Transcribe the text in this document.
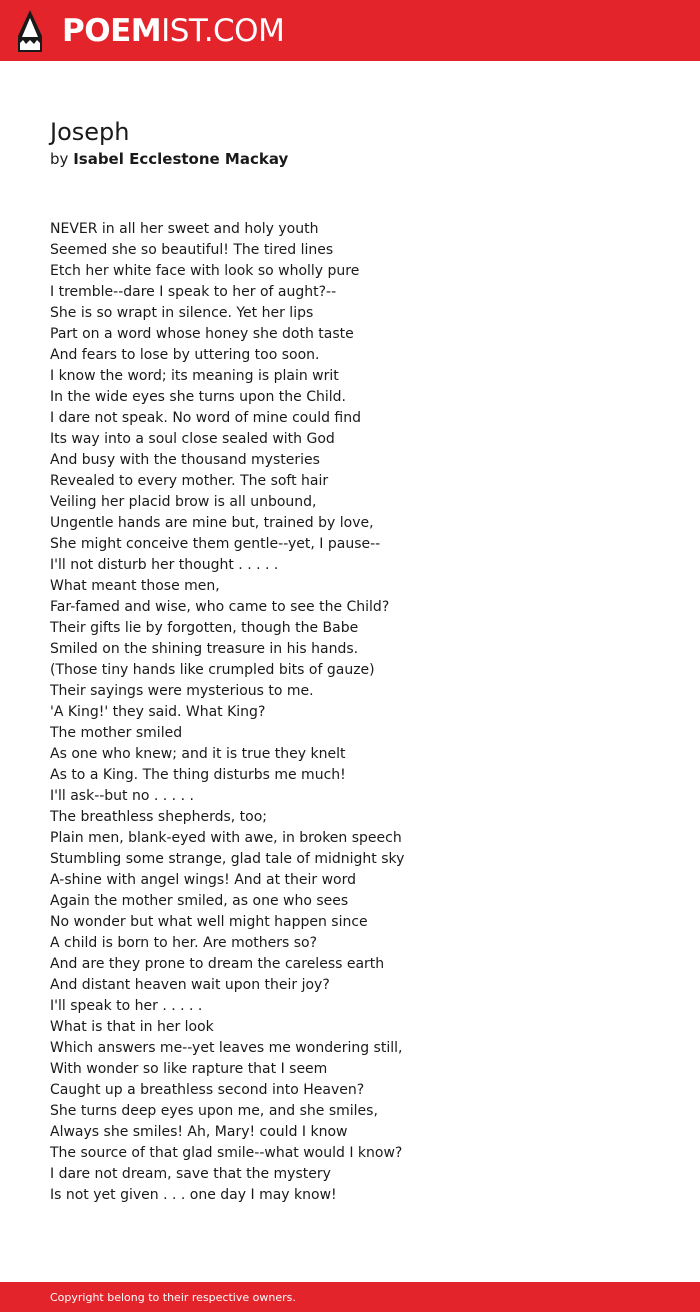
POEMIST.COM
Joseph
by Isabel Ecclestone Mackay
NEVER in all her sweet and holy youth
Seemed she so beautiful! The tired lines
Etch her white face with look so wholly pure
I tremble--dare I speak to her of aught?--
She is so wrapt in silence. Yet her lips
Part on a word whose honey she doth taste
And fears to lose by uttering too soon.
I know the word; its meaning is plain writ
In the wide eyes she turns upon the Child.
I dare not speak. No word of mine could find
Its way into a soul close sealed with God
And busy with the thousand mysteries
Revealed to every mother. The soft hair
Veiling her placid brow is all unbound,
Ungentle hands are mine but, trained by love,
She might conceive them gentle--yet, I pause--
I'll not disturb her thought . . . . .
What meant those men,
Far-famed and wise, who came to see the Child?
Their gifts lie by forgotten, though the Babe
Smiled on the shining treasure in his hands.
(Those tiny hands like crumpled bits of gauze)
Their sayings were mysterious to me.
'A King!' they said. What King?
The mother smiled
As one who knew; and it is true they knelt
As to a King. The thing disturbs me much!
I'll ask--but no . . . . .
The breathless shepherds, too;
Plain men, blank-eyed with awe, in broken speech
Stumbling some strange, glad tale of midnight sky
A-shine with angel wings! And at their word
Again the mother smiled, as one who sees
No wonder but what well might happen since
A child is born to her. Are mothers so?
And are they prone to dream the careless earth
And distant heaven wait upon their joy?
I'll speak to her . . . . .
What is that in her look
Which answers me--yet leaves me wondering still,
With wonder so like rapture that I seem
Caught up a breathless second into Heaven?
She turns deep eyes upon me, and she smiles,
Always she smiles! Ah, Mary! could I know
The source of that glad smile--what would I know?
I dare not dream, save that the mystery
Is not yet given . . . one day I may know!
Copyright belong to their respective owners.
